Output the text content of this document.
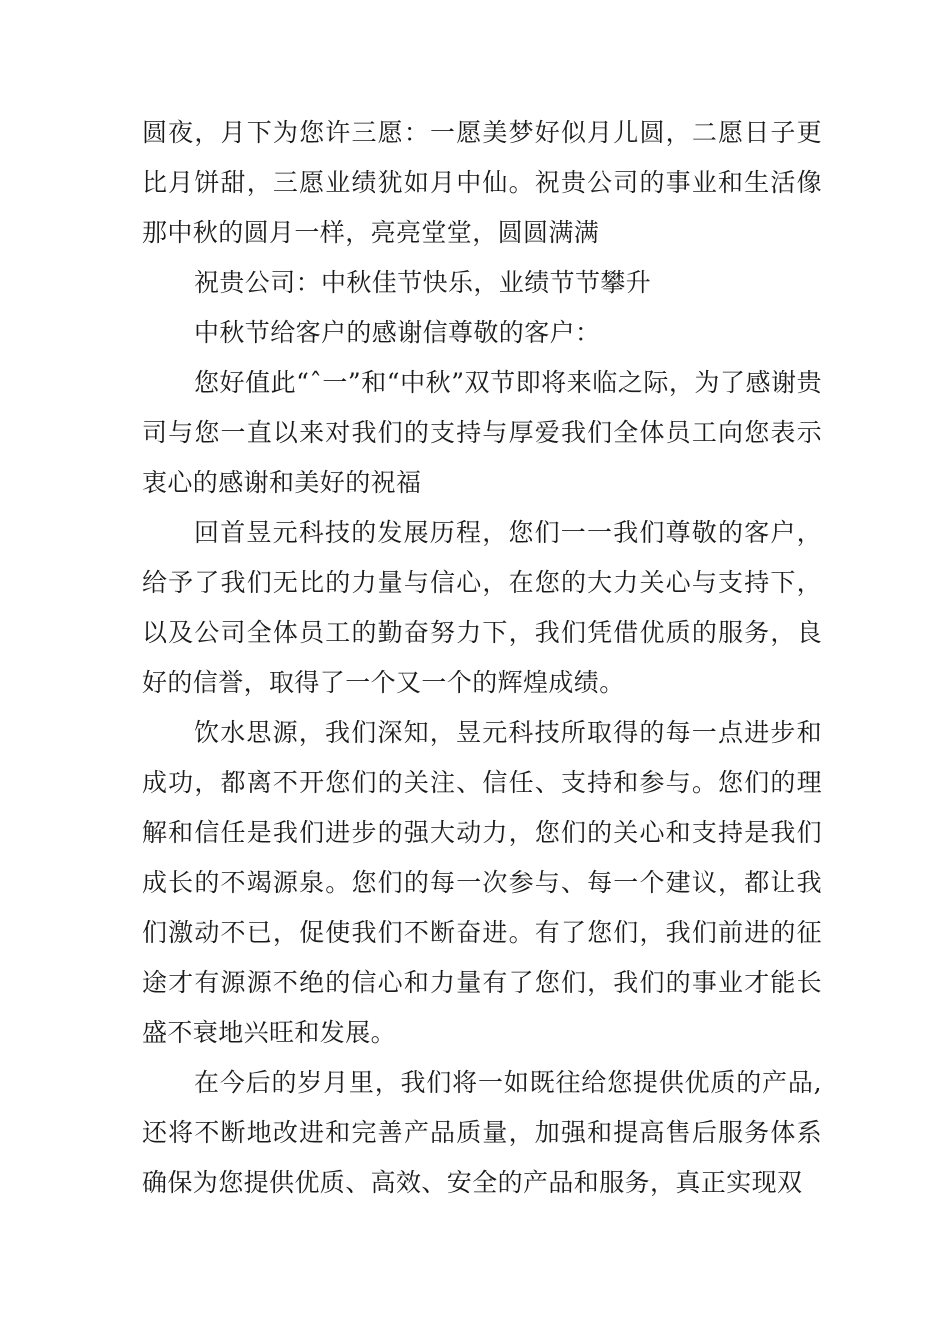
圆夜，月下为您许三愿：一愿美梦好似月儿圆，二愿日子更比月饼甜，三愿业绩犹如月中仙。祝贵公司的事业和生活像那中秋的圆月一样，亮亮堂堂，圆圆满满

祝贵公司：中秋佳节快乐，业绩节节攀升

中秋节给客户的感谢信尊敬的客户：

您好值此“ˆ一”和“中秋”双节即将来临之际，为了感谢贵司与您一直以来对我们的支持与厚爱我们全体员工向您表示衷心的感谢和美好的祝福

回首昱元科技的发展历程，您们一一我们尊敬的客户，给予了我们无比的力量与信心，在您的大力关心与支持下，以及公司全体员工的勤奋努力下，我们凭借优质的服务，良好的信誉，取得了一个又一个的辉煌成绩。

饮水思源，我们深知，昱元科技所取得的每一点进步和成功，都离不开您们的关注、信任、支持和参与。您们的理解和信任是我们进步的强大动力，您们的关心和支持是我们成长的不竭源泉。您们的每一次参与、每一个建议，都让我们激动不已，促使我们不断奋进。有了您们，我们前进的征途才有源源不绝的信心和力量有了您们，我们的事业才能长盛不衰地兴旺和发展。

在今后的岁月里，我们将一如既往给您提供优质的产品,还将不断地改进和完善产品质量，加强和提高售后服务体系确保为您提供优质、高效、安全的产品和服务，真正实现双
